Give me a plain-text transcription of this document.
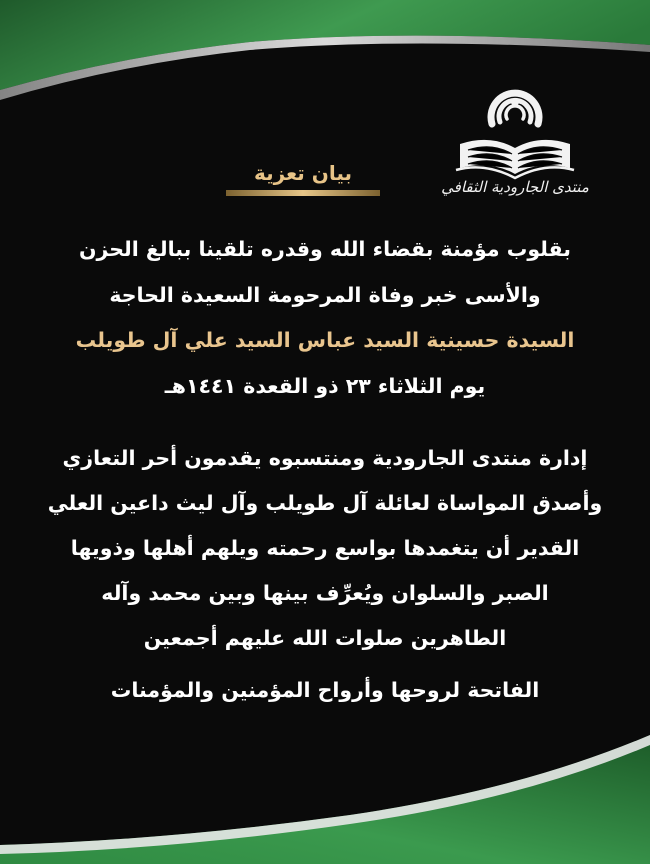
منتدى الجارودية الثقافي
بيان تعزية

بقلوب مؤمنة بقضاء الله وقدره تلقينا ببالغ الحزن

والأسى خبر وفاة المرحومة السعيدة الحاجة

السيدة حسينية السيد عباس السيد علي آل طويلب

يوم الثلاثاء ٢٣ ذو القعدة ١٤٤١هـ

إدارة منتدى الجارودية ومنتسبوه يقدمون أحر التعازي

وأصدق المواساة لعائلة آل طويلب وآل ليث داعين العلي

القدير أن يتغمدها بواسع رحمته ويلهم أهلها وذويها

الصبر والسلوان ويُعرِّف بينها وبين محمد وآله

الطاهرين صلوات الله عليهم أجمعين

الفاتحة لروحها وأرواح المؤمنين والمؤمنات
